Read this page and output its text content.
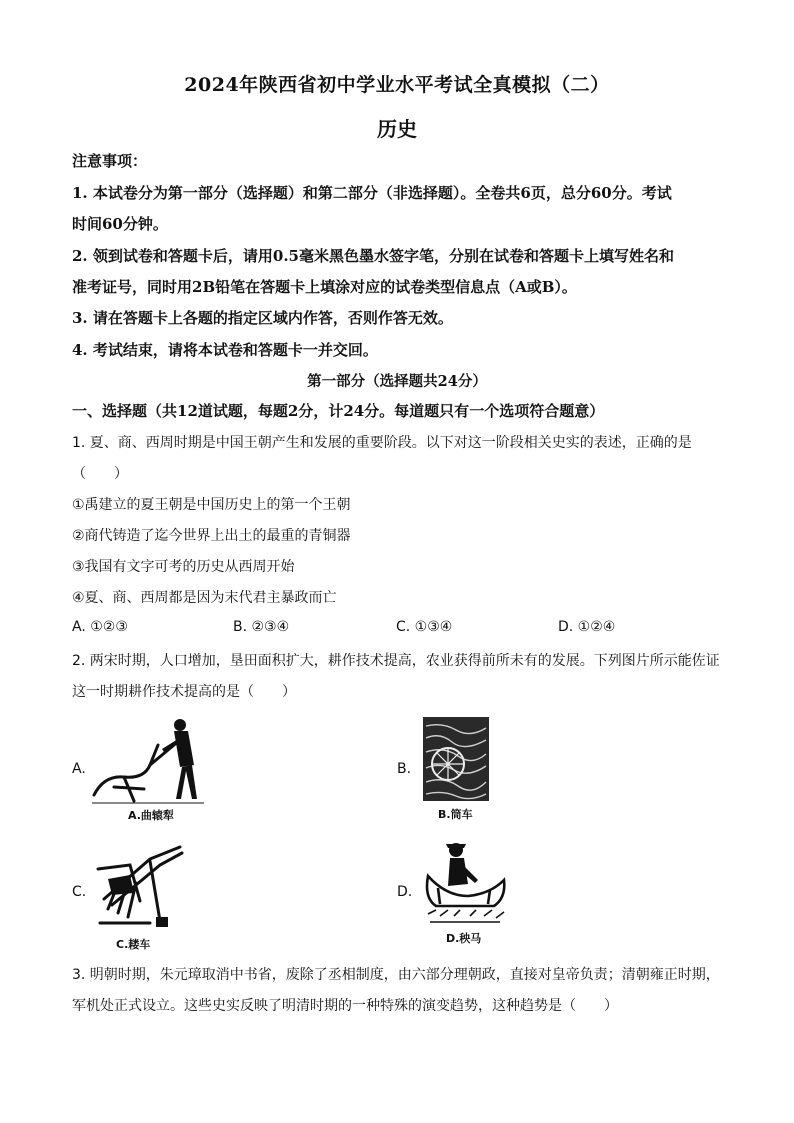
2024年陕西省初中学业水平考试全真模拟（二）
历史
注意事项：
1. 本试卷分为第一部分（选择题）和第二部分（非选择题）。全卷共6页，总分60分。考试
时间60分钟。
2. 领到试卷和答题卡后，请用0.5毫米黑色墨水签字笔，分别在试卷和答题卡上填写姓名和
准考证号，同时用2B铅笔在答题卡上填涂对应的试卷类型信息点（A或B）。
3. 请在答题卡上各题的指定区域内作答，否则作答无效。
4. 考试结束，请将本试卷和答题卡一并交回。
第一部分（选择题共24分）
一、选择题（共12道试题，每题2分，计24分。每道题只有一个选项符合题意）
1. 夏、商、西周时期是中国王朝产生和发展的重要阶段。以下对这一阶段相关史实的表述，正确的是
（　　）
①禹建立的夏王朝是中国历史上的第一个王朝
②商代铸造了迄今世界上出土的最重的青铜器
③我国有文字可考的历史从西周开始
④夏、商、西周都是因为末代君主暴政而亡
A. ①②③	B. ②③④	C. ①③④	D. ①②④
2. 两宋时期，人口增加，垦田面积扩大，耕作技术提高，农业获得前所未有的发展。下列图片所示能佐证
这一时期耕作技术提高的是（　　）
A.
A.曲辕犁
B.
B.筒车
C.
C.耧车
D.
D.秧马
3. 明朝时期，朱元璋取消中书省，废除了丞相制度，由六部分理朝政，直接对皇帝负责；清朝雍正时期，
军机处正式设立。这些史实反映了明清时期的一种特殊的演变趋势，这种趋势是（　　）
